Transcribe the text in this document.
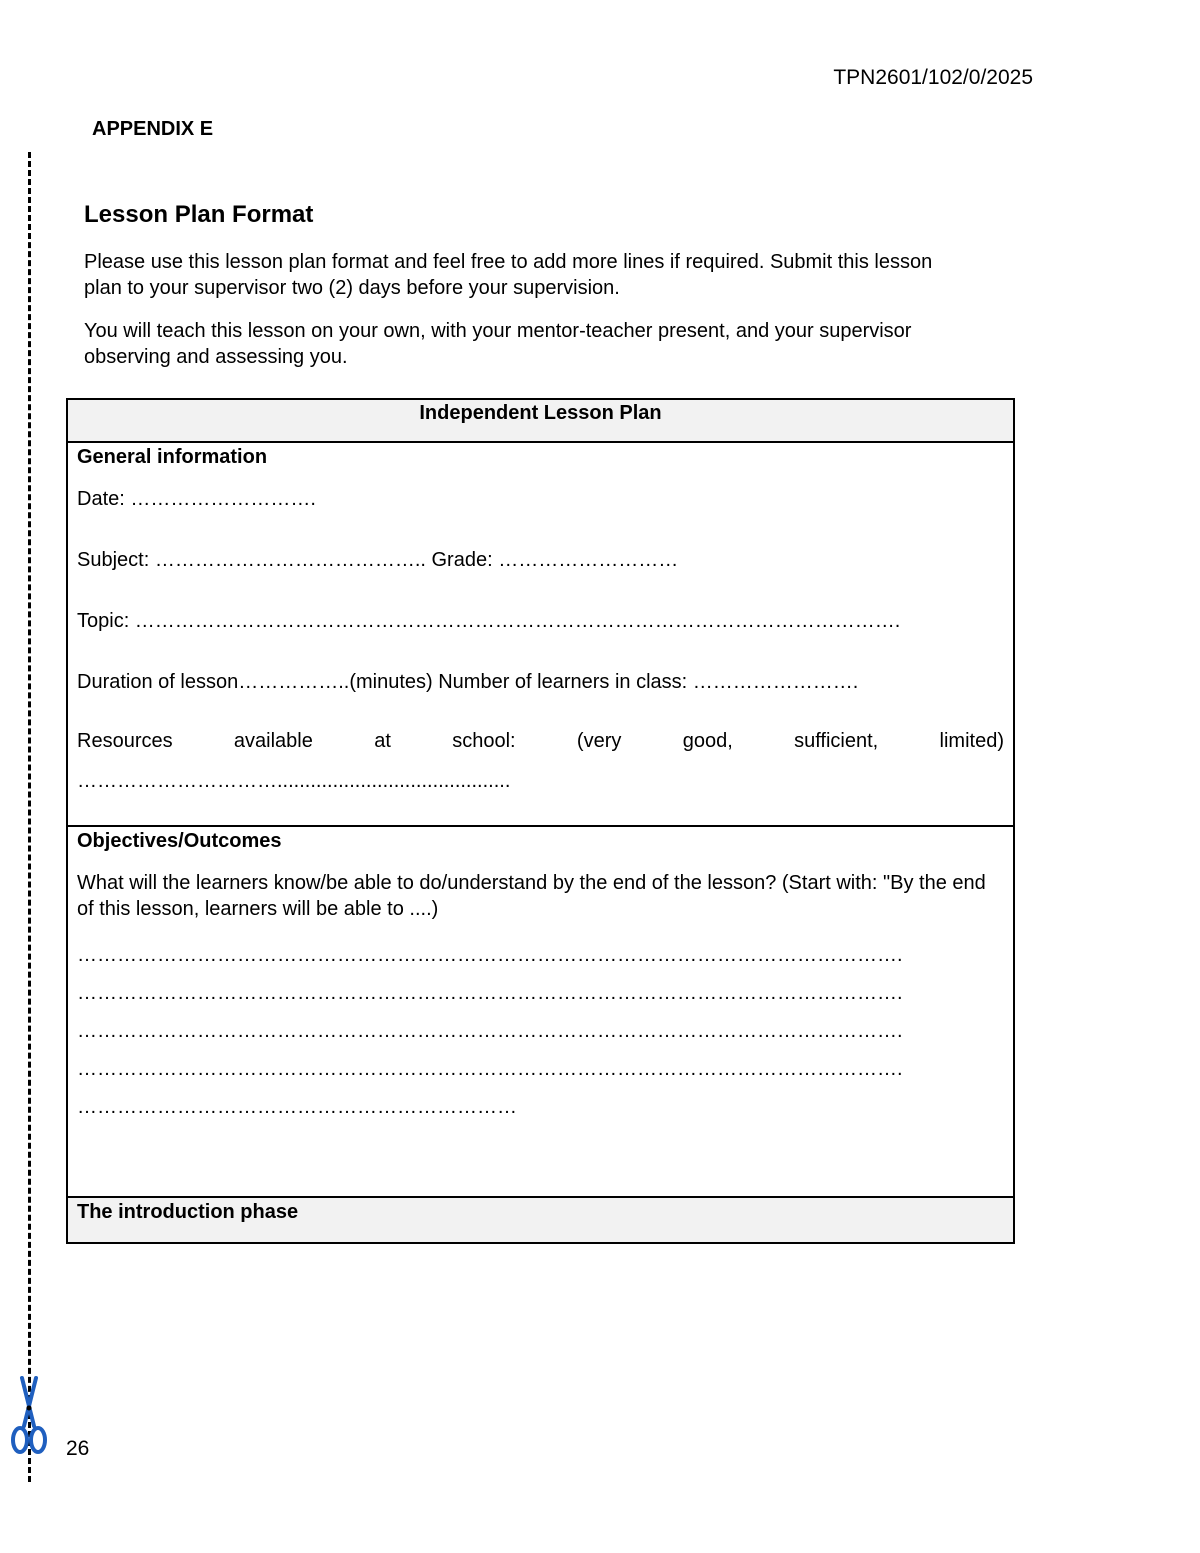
TPN2601/102/0/2025
APPENDIX E
Lesson Plan Format

Please use this lesson plan format and feel free to add more lines if required. Submit this lesson plan to your supervisor two (2) days before your supervision.

You will teach this lesson on your own, with your mentor-teacher present, and your supervisor observing and assessing you.

Independent Lesson Plan

General information
Date: ……………………….
Subject: ………………………………….. Grade: ………………………
Topic: …………………………………………………………………………………………………….
Duration of lesson……………..(minutes) Number of learners in class: …………………….
Resources available at school: (very good, sufficient, limited)
…………………………..........................................

Objectives/Outcomes
What will the learners know/be able to do/understand by the end of the lesson? (Start with: "By the end of this lesson, learners will be able to ....)
…………………………………………………………………………………………………………….
…………………………………………………………………………………………………………….
…………………………………………………………………………………………………………….
…………………………………………………………………………………………………………….
…………………………………………………………

The introduction phase
26
